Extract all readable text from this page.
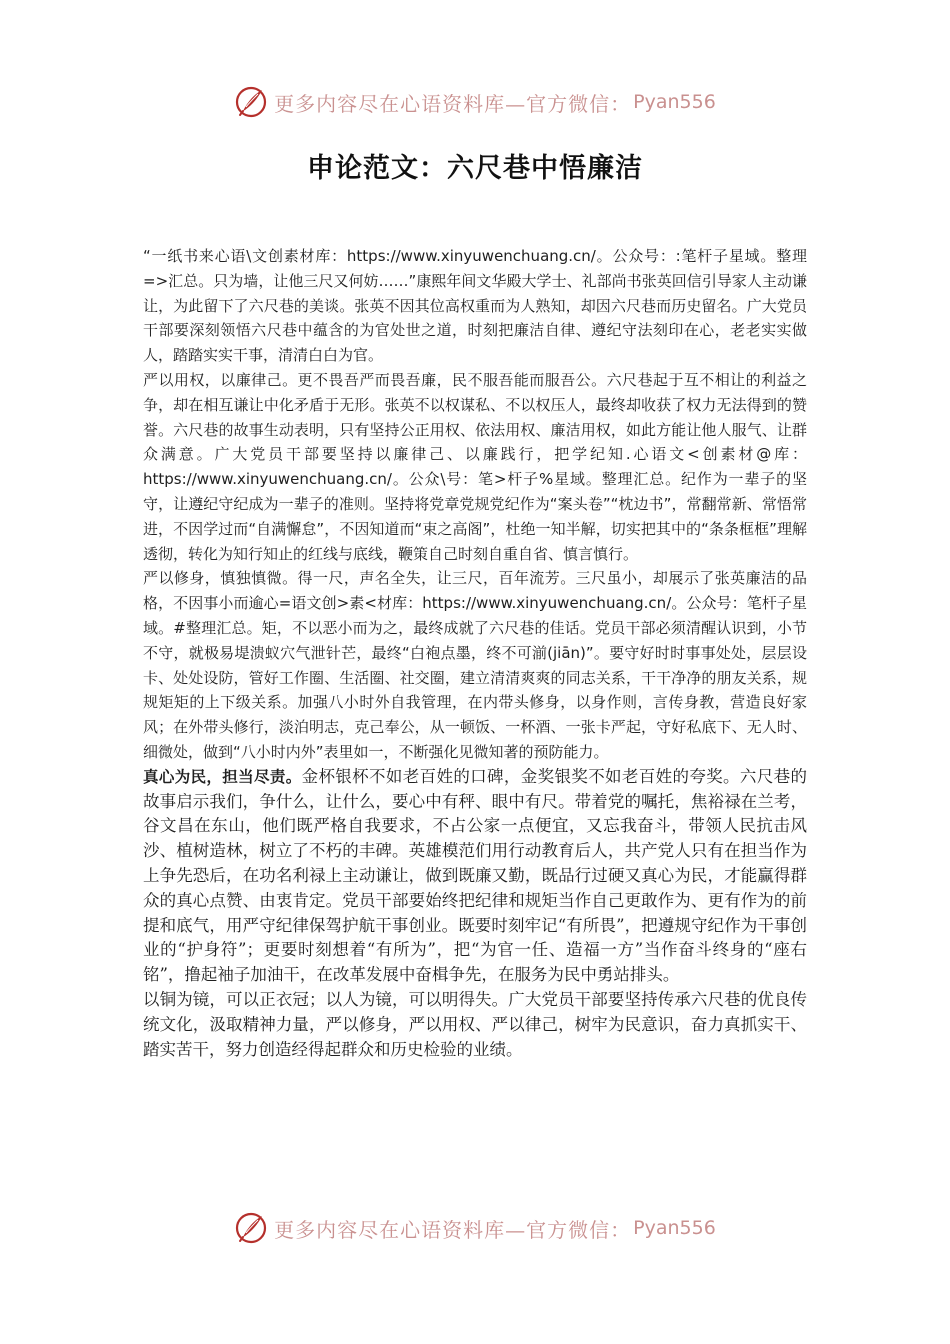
更多内容尽在心语资料库—官方微信： Pyan556
申论范文：六尺巷中悟廉洁

“一纸书来心语\文创素材库：https://www.xinyuwenchuang.cn/。公众号：:笔杆子星域。整理=>汇总。只为墙，让他三尺又何妨……”康熙年间文华殿大学士、礼部尚书张英回信引导家人主动谦让，为此留下了六尺巷的美谈。张英不因其位高权重而为人熟知，却因六尺巷而历史留名。广大党员干部要深刻领悟六尺巷中蕴含的为官处世之道，时刻把廉洁自律、遵纪守法刻印在心，老老实实做人，踏踏实实干事，清清白白为官。

严以用权，以廉律己。更不畏吾严而畏吾廉，民不服吾能而服吾公。六尺巷起于互不相让的利益之争，却在相互谦让中化矛盾于无形。张英不以权谋私、不以权压人，最终却收获了权力无法得到的赞誉。六尺巷的故事生动表明，只有坚持公正用权、依法用权、廉洁用权，如此方能让他人服气、让群众满意。广大党员干部要坚持以廉律己、以廉践行，把学纪知.心语文<创素材@库：https://www.xinyuwenchuang.cn/。公众\号：笔>杆子%星域。整理汇总。纪作为一辈子的坚守，让遵纪守纪成为一辈子的准则。坚持将党章党规党纪作为“案头卷”“枕边书”，常翻常新、常悟常进，不因学过而“自满懈怠”，不因知道而“束之高阁”，杜绝一知半解，切实把其中的“条条框框”理解透彻，转化为知行知止的红线与底线，鞭策自己时刻自重自省、慎言慎行。

严以修身，慎独慎微。得一尺，声名全失，让三尺，百年流芳。三尺虽小，却展示了张英廉洁的品格，不因事小而逾心=语文创>素<材库：https://www.xinyuwenchuang.cn/。公众号：笔杆子星域。#整理汇总。矩，不以恶小而为之，最终成就了六尺巷的佳话。党员干部必须清醒认识到，小节不守，就极易堤溃蚁穴气泄针芒，最终“白袍点墨，终不可湔(jiān)”。要守好时时事事处处，层层设卡、处处设防，管好工作圈、生活圈、社交圈，建立清清爽爽的同志关系，干干净净的朋友关系，规规矩矩的上下级关系。加强八小时外自我管理，在内带头修身，以身作则，言传身教，营造良好家风；在外带头修行，淡泊明志，克己奉公，从一顿饭、一杯酒、一张卡严起，守好私底下、无人时、细微处，做到“八小时内外”表里如一，不断强化见微知著的预防能力。

真心为民，担当尽责。金杯银杯不如老百姓的口碑，金奖银奖不如老百姓的夸奖。六尺巷的故事启示我们，争什么，让什么，要心中有秤、眼中有尺。带着党的嘱托，焦裕禄在兰考，谷文昌在东山，他们既严格自我要求，不占公家一点便宜，又忘我奋斗，带领人民抗击风沙、植树造林，树立了不朽的丰碑。英雄模范们用行动教育后人，共产党人只有在担当作为上争先恐后，在功名利禄上主动谦让，做到既廉又勤，既品行过硬又真心为民，才能赢得群众的真心点赞、由衷肯定。党员干部要始终把纪律和规矩当作自己更敢作为、更有作为的前提和底气，用严守纪律保驾护航干事创业。既要时刻牢记“有所畏”，把遵规守纪作为干事创业的“护身符”；更要时刻想着“有所为”，把“为官一任、造福一方”当作奋斗终身的“座右铭”，撸起袖子加油干，在改革发展中奋楫争先，在服务为民中勇站排头。

以铜为镜，可以正衣冠；以人为镜，可以明得失。广大党员干部要坚持传承六尺巷的优良传统文化，汲取精神力量，严以修身，严以用权、严以律己，树牢为民意识，奋力真抓实干、踏实苦干，努力创造经得起群众和历史检验的业绩。

更多内容尽在心语资料库—官方微信： Pyan556
